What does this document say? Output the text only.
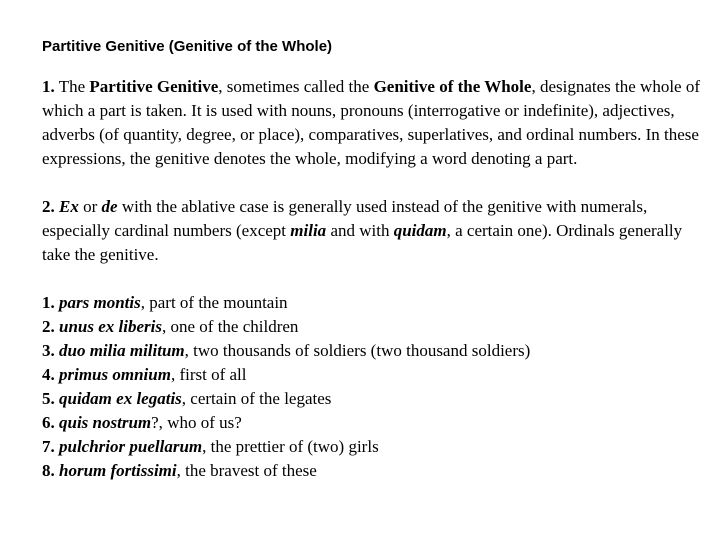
Partitive Genitive (Genitive of the Whole)

1. The Partitive Genitive, sometimes called the Genitive of the Whole, designates the whole of which a part is taken. It is used with nouns, pronouns (interrogative or indefinite), adjectives, adverbs (of quantity, degree, or place), comparatives, superlatives, and ordinal numbers. In these expressions, the genitive denotes the whole, modifying a word denoting a part.

2. Ex or de with the ablative case is generally used instead of the genitive with numerals, especially cardinal numbers (except milia and with quidam, a certain one). Ordinals generally take the genitive.

1. pars montis, part of the mountain
2. unus ex liberis, one of the children
3. duo milia militum, two thousands of soldiers (two thousand soldiers)
4. primus omnium, first of all
5. quidam ex legatis, certain of the legates
6. quis nostrum?, who of us?
7. pulchrior puellarum, the prettier of (two) girls
8. horum fortissimi, the bravest of these
